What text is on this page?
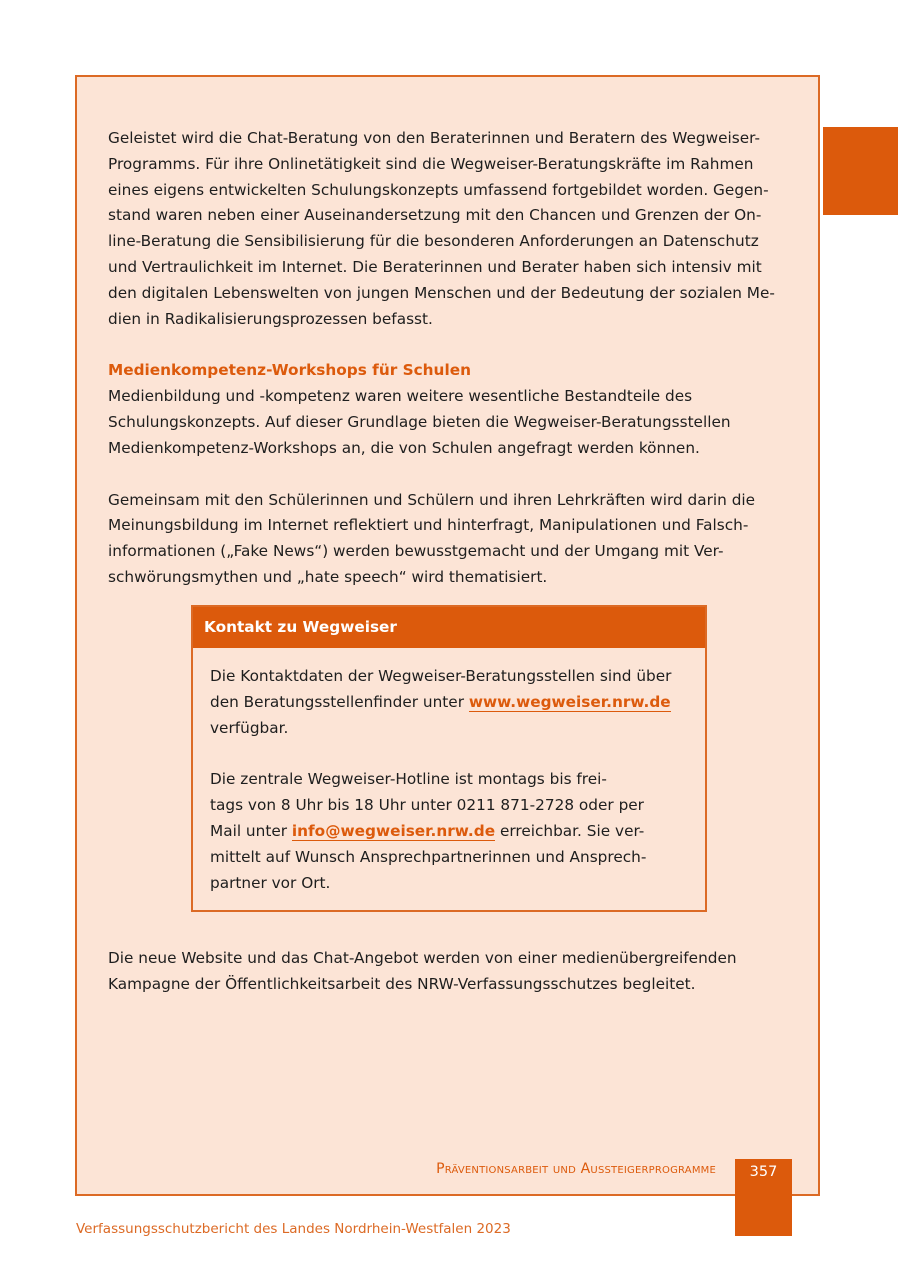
Geleistet wird die Chat-Beratung von den Beraterinnen und Beratern des Wegweiser-
Programms. Für ihre Onlinetätigkeit sind die Wegweiser-Beratungskräfte im Rahmen
eines eigens entwickelten Schulungskonzepts umfassend fortgebildet worden. Gegen-
stand waren neben einer Auseinandersetzung mit den Chancen und Grenzen der On-
line-Beratung die Sensibilisierung für die besonderen Anforderungen an Datenschutz
und Vertraulichkeit im Internet. Die Beraterinnen und Berater haben sich intensiv mit
den digitalen Lebenswelten von jungen Menschen und der Bedeutung der sozialen Me-
dien in Radikalisierungsprozessen befasst.

Medienkompetenz-Workshops für Schulen

Medienbildung und -kompetenz waren weitere wesentliche Bestandteile des
Schulungskonzepts. Auf dieser Grundlage bieten die Wegweiser-Beratungsstellen
Medienkompetenz-Workshops an, die von Schulen angefragt werden können.

Gemeinsam mit den Schülerinnen und Schülern und ihren Lehrkräften wird darin die
Meinungsbildung im Internet reflektiert und hinterfragt, Manipulationen und Falsch-
informationen („Fake News“) werden bewusstgemacht und der Umgang mit Ver-
schwörungsmythen und „hate speech“ wird thematisiert.

Kontakt zu Wegweiser

Die Kontaktdaten der Wegweiser-Beratungsstellen sind über
den Beratungsstellenfinder unter www.wegweiser.nrw.de
verfügbar.

Die zentrale Wegweiser-Hotline ist montags bis frei-
tags von 8 Uhr bis 18 Uhr unter 0211 871-2728 oder per
Mail unter info@wegweiser.nrw.de erreichbar. Sie ver-
mittelt auf Wunsch Ansprechpartnerinnen und Ansprech-
partner vor Ort.

Die neue Website und das Chat-Angebot werden von einer medienübergreifenden
Kampagne der Öffentlichkeitsarbeit des NRW-Verfassungsschutzes begleitet.

Präventionsarbeit und Aussteigerprogramme	357
Verfassungsschutzbericht des Landes Nordrhein-Westfalen 2023
